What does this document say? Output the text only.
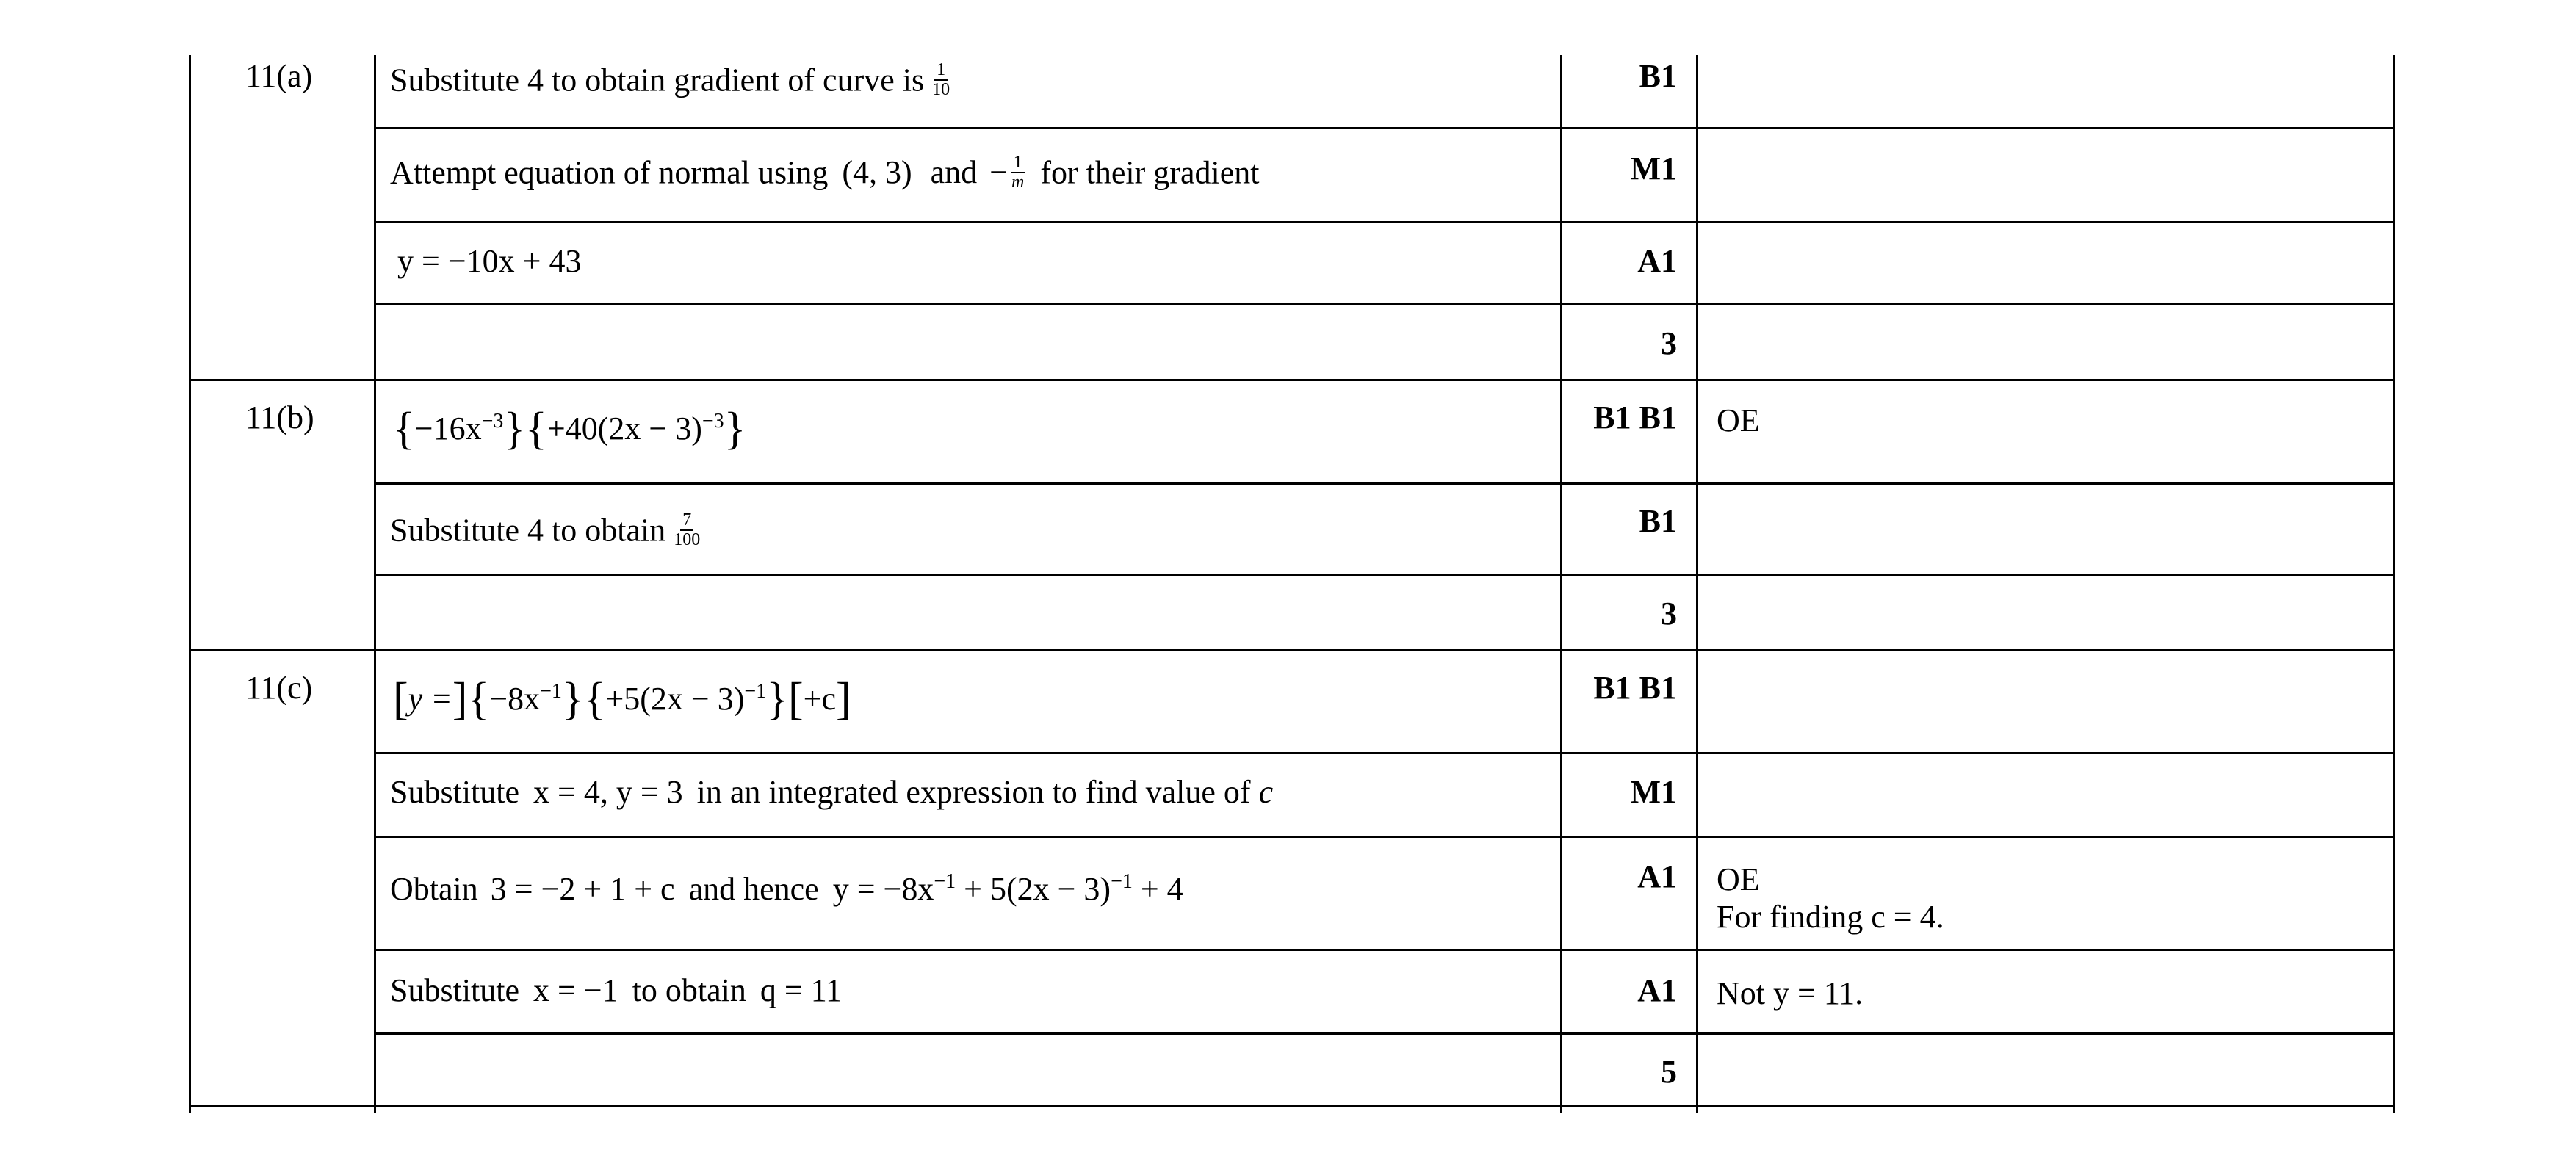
11(a) Substitute 4 to obtain gradient of curve is $\frac{1}{10}$	B1
Attempt equation of normal using (4, 3) and − $\frac{1}{m}$ for their gradient	M1
y = −10x + 43	A1
3
11(b) $\{-16x^{-3}\}\{+40(2x - 3)^{-3}\}$	B1 B1 OE
Substitute 4 to obtain $\frac{7}{100}$	B1
3
11(c) $[y =]\{-8x^{-1}\}\{+5(2x - 3)^{-1}\}[+c]$	B1 B1
Substitute x = 4, y = 3 in an integrated expression to find value of c	M1
Obtain 3 = −2 + 1 + c and hence $y = -8x^{-1} + 5(2x - 3)^{-1} + 4$	A1 OE
For finding c = 4.
Substitute x = −1 to obtain q = 11	A1 Not y = 11.
5
